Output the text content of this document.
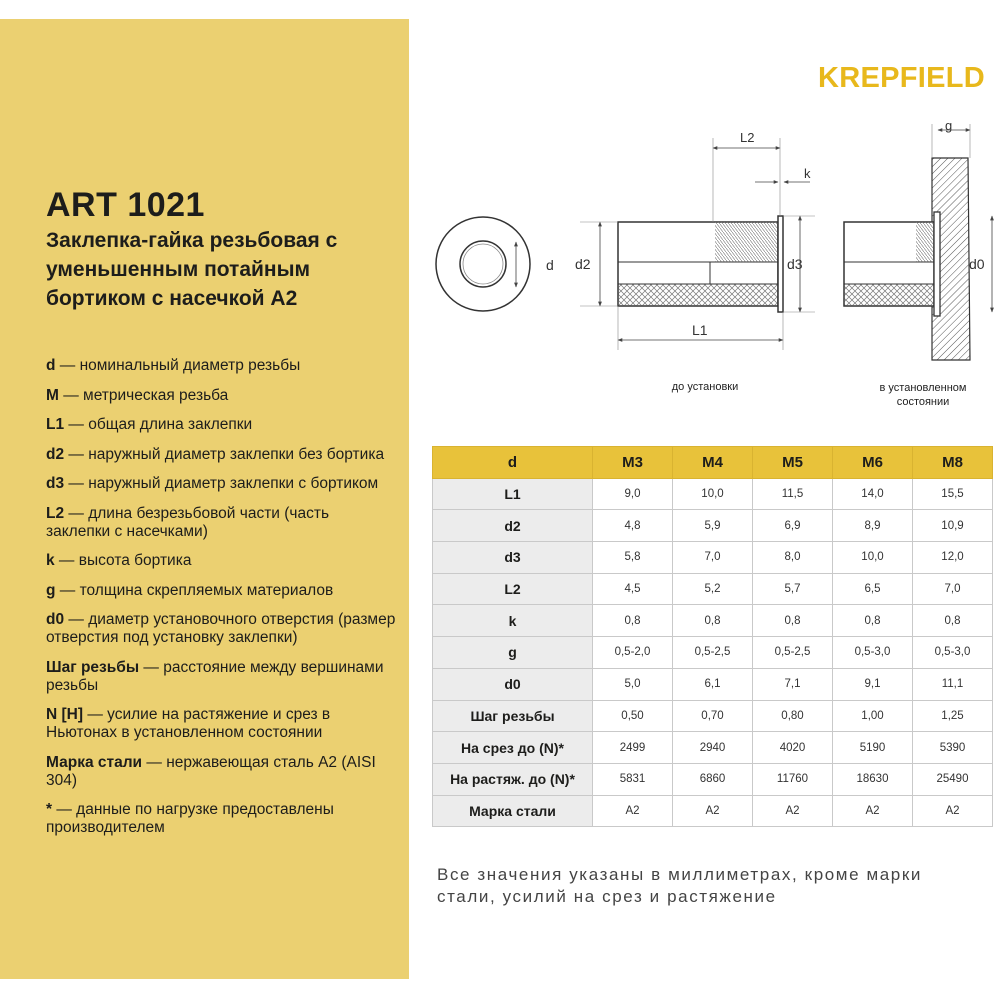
ART 1021
Заклепка-гайка резьбовая с уменьшенным потайным бортиком с насечкой A2
d — номинальный диаметр резьбы
M — метрическая резьба
L1 — общая длина заклепки
d2 — наружный диаметр заклепки без бортика
d3 — наружный диаметр заклепки с бортиком
L2 — длина безрезьбовой части (часть заклепки с насечками)
k — высота бортика
g — толщина скрепляемых материалов
d0 — диаметр установочного отверстия (размер отверстия под установку заклепки)
Шаг резьбы — расстояние между вершинами резьбы
N [H] — усилие на растяжение и срез в Ньютонах в установленном состоянии
Марка стали — нержавеющая сталь A2 (AISI 304)
* — данные по нагрузке предоставлены производителем
KREPFIELD
d d2	d3
L1
L2
k
g
d0
до установки	в установленном состоянии
d	M3	M4	M5	M6	M8
L1	9,0	10,0	11,5	14,0	15,5
d2	4,8	5,9	6,9	8,9	10,9
d3	5,8	7,0	8,0	10,0	12,0
L2	4,5	5,2	5,7	6,5	7,0
k	0,8	0,8	0,8	0,8	0,8
g	0,5-2,0	0,5-2,5	0,5-2,5	0,5-3,0	0,5-3,0
d0	5,0	6,1	7,1	9,1	11,1
Шаг резьбы	0,50	0,70	0,80	1,00	1,25
На срез до (N)*	2499	2940	4020	5190	5390
На растяж. до (N)*	5831	6860	11760	18630	25490
Марка стали	A2	A2	A2	A2	A2
Все значения указаны в миллиметрах, кроме марки стали, усилий на срез и растяжение
